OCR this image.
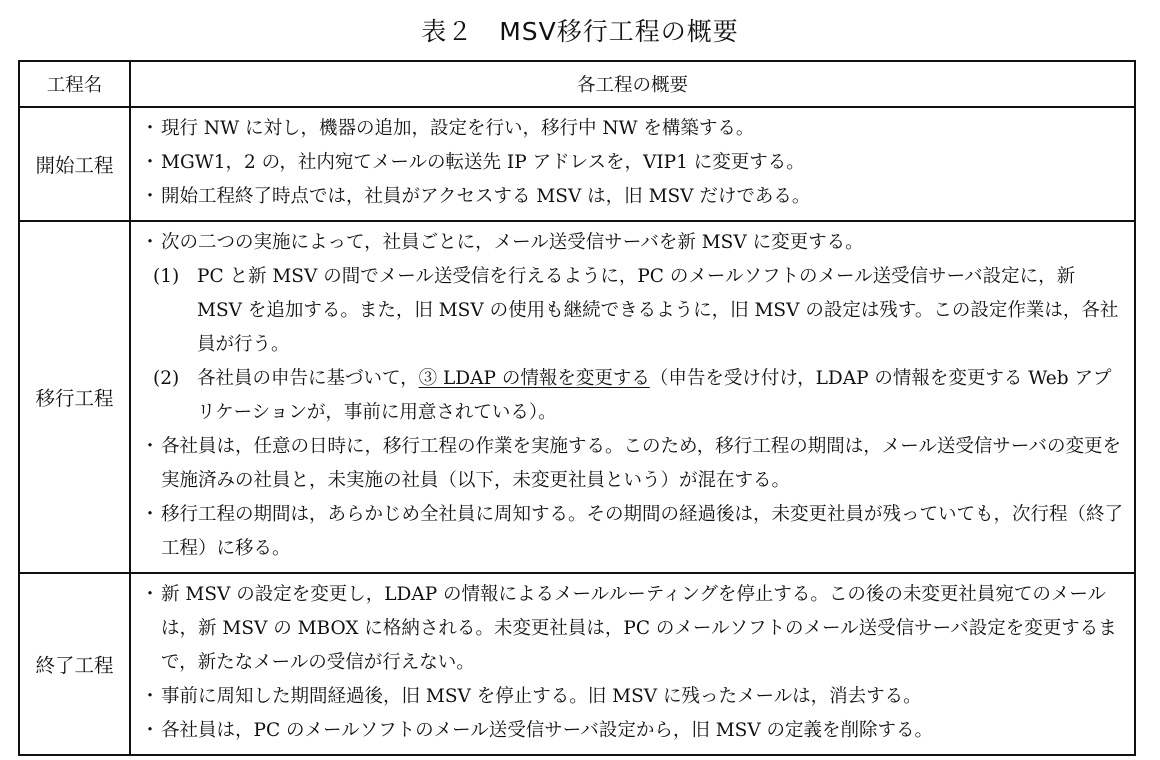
表２　MSV移行工程の概要
工程名	各工程の概要
開始工程	・現行 NW に対し，機器の追加，設定を行い，移行中 NW を構築する。
・MGW1，2 の，社内宛てメールの転送先 IP アドレスを，VIP1 に変更する。
・開始工程終了時点では，社員がアクセスする MSV は，旧 MSV だけである。

移行工程	・次の二つの実施によって，社員ごとに，メール送受信サーバを新 MSV に変更する。
(1) PC と新 MSV の間でメール送受信を行えるように，PC のメールソフトのメール送受信サーバ設定に，新 MSV を追加する。また，旧 MSV の使用も継続できるように，旧 MSV の設定は残す。この設定作業は，各社員が行う。
(2) 各社員の申告に基づいて，③ LDAP の情報を変更する（申告を受け付け，LDAP の情報を変更する Web アプリケーションが，事前に用意されている）。
・各社員は，任意の日時に，移行工程の作業を実施する。このため，移行工程の期間は，メール送受信サーバの変更を実施済みの社員と，未実施の社員（以下，未変更社員という）が混在する。
・移行工程の期間は，あらかじめ全社員に周知する。その期間の経過後は，未変更社員が残っていても，次行程（終了工程）に移る。

終了工程	・新 MSV の設定を変更し，LDAP の情報によるメールルーティングを停止する。この後の未変更社員宛てのメールは，新 MSV の MBOX に格納される。未変更社員は，PC のメールソフトのメール送受信サーバ設定を変更するまで，新たなメールの受信が行えない。
・事前に周知した期間経過後，旧 MSV を停止する。旧 MSV に残ったメールは，消去する。
・各社員は，PC のメールソフトのメール送受信サーバ設定から，旧 MSV の定義を削除する。
